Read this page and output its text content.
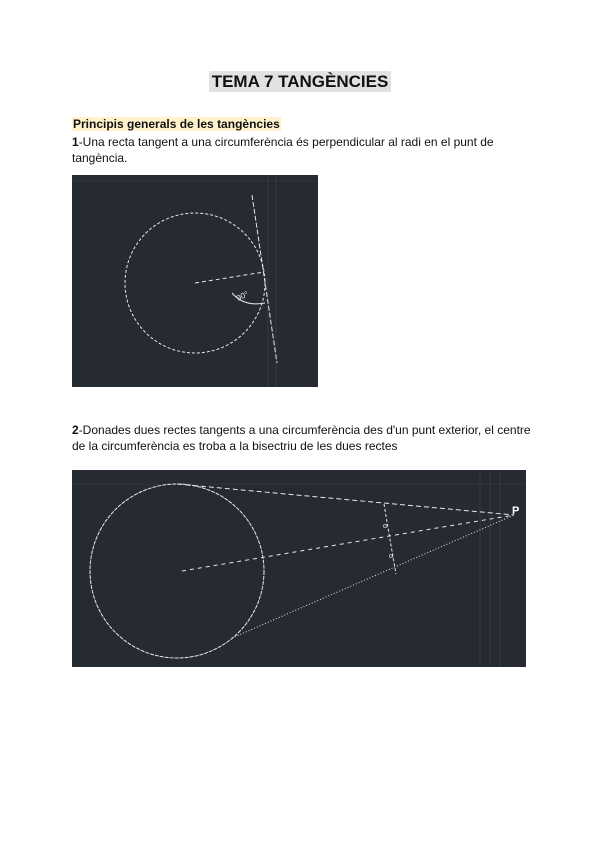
TEMA 7 TANGÈNCIES
Principis generals de les tangències
1-Una recta tangent a una circumferència és perpendicular al radi en el punt de tangència.
90°
2-Donades dues rectes tangents a una circumferència des d'un punt exterior, el centre de la circumferència es troba a la bisectriu de les dues rectes
α
α
P
